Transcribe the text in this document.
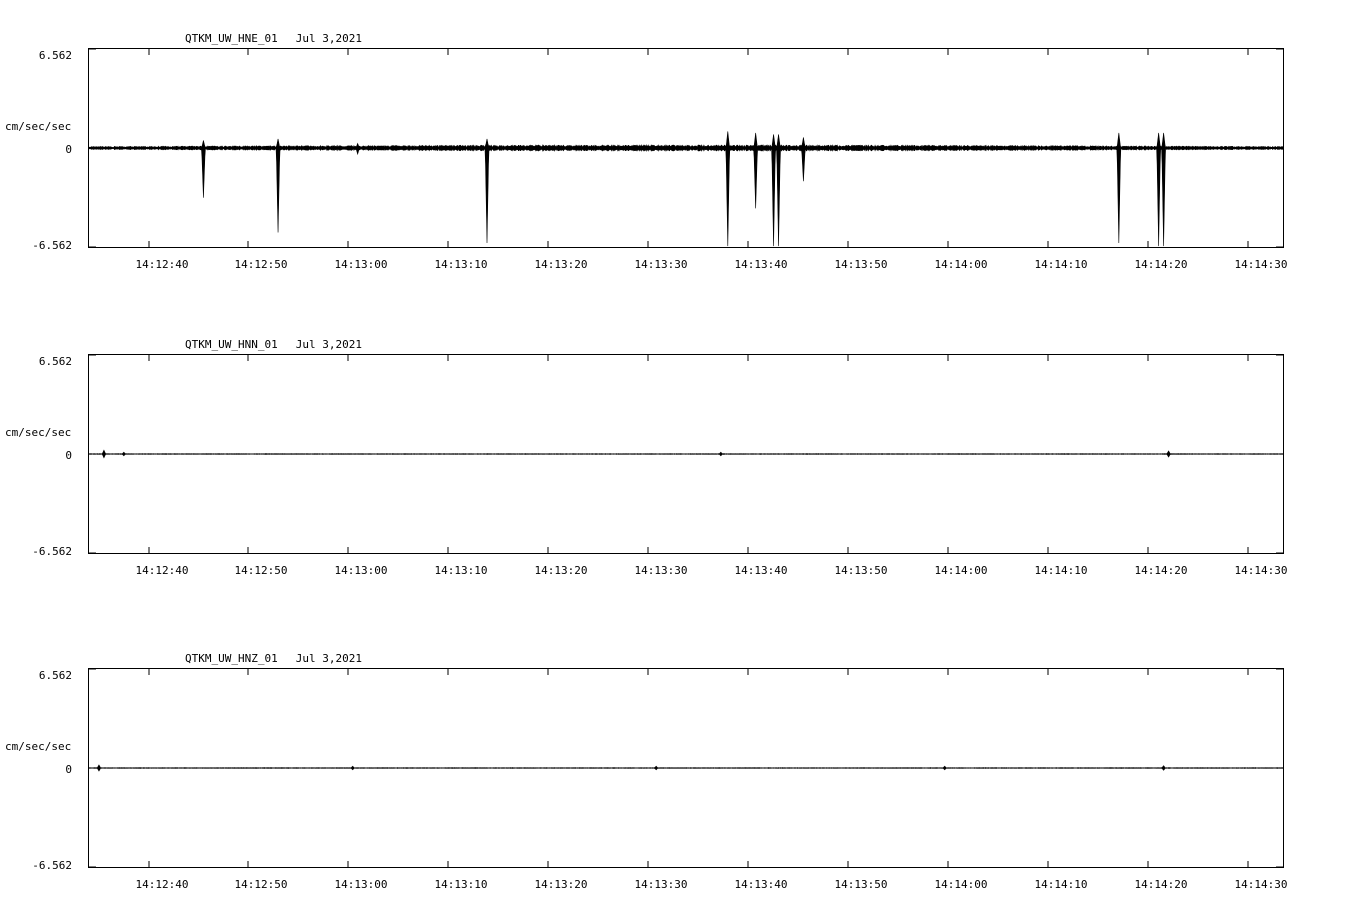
QTKM_UW_HNE_01 Jul 3,2021
cm/sec/sec
6.562
0
-6.562
14:12:40	14:12:50	14:13:00	14:13:10	14:13:20	14:13:30	14:13:40	14:13:50	14:14:00	14:14:10	14:14:20	14:14:30
QTKM_UW_HNN_01 Jul 3,2021
cm/sec/sec
6.562
0
-6.562
14:12:40	14:12:50	14:13:00	14:13:10	14:13:20	14:13:30	14:13:40	14:13:50	14:14:00	14:14:10	14:14:20	14:14:30
QTKM_UW_HNZ_01 Jul 3,2021
cm/sec/sec
6.562
0
-6.562
14:12:40	14:12:50	14:13:00	14:13:10	14:13:20	14:13:30	14:13:40	14:13:50	14:14:00	14:14:10	14:14:20	14:14:30
